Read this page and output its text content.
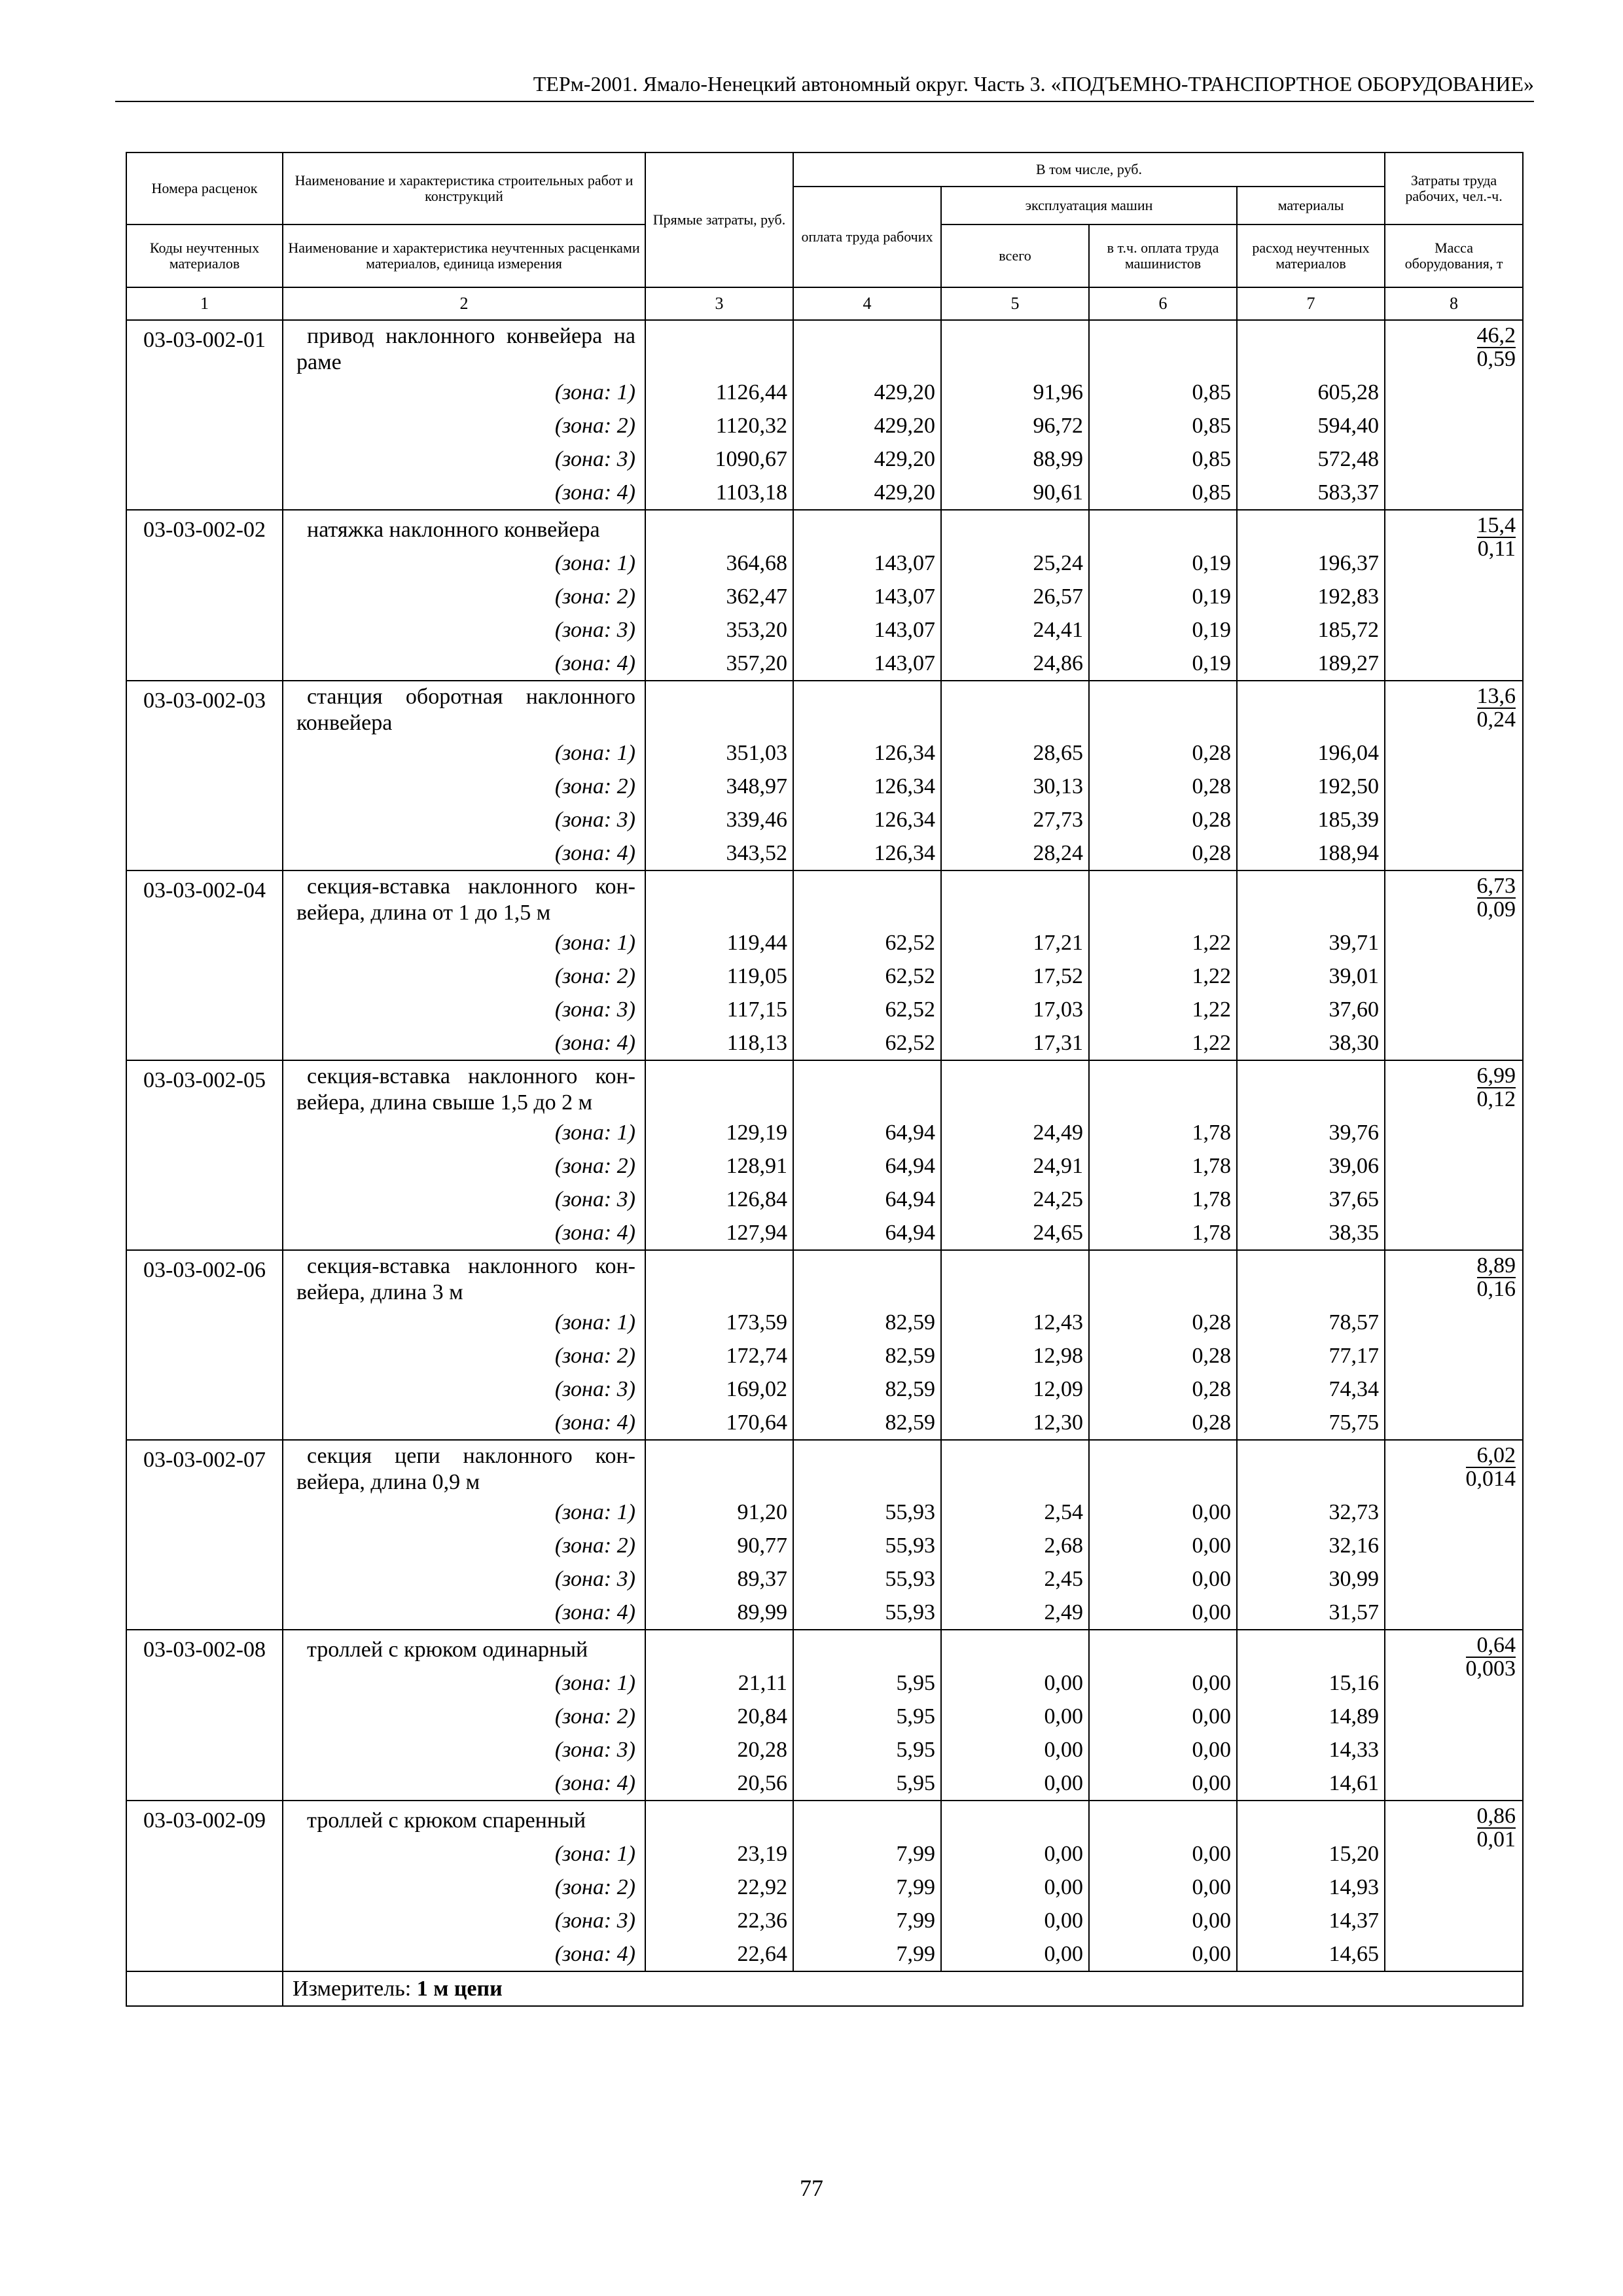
ТЕРм-2001. Ямало-Ненецкий автономный округ. Часть 3. «ПОДЪЕМНО-ТРАНСПОРТНОЕ ОБОРУДОВАНИЕ»
Номера расценок	Наименование и характеристика строительных работ и конструкций	Прямые затраты, руб.	В том числе, руб.				Затраты труда рабочих, чел.-ч.
			оплата труда рабочих	эксплуатация машин		материалы	
Коды неучтенных материалов	Наименование и характеристика неучтенных расценками материалов, единица измерения			всего	в т.ч. оплата труда машинистов	расход неучтенных материалов	Масса оборудования, т
1	2	3	4	5	6	7	8
03-03-002-01	привод наклонного конвейера на раме						$\frac{46,2}{0,59}$

	(зона: 1)	1126,44	429,20	91,96	0,85	605,28	
	(зона: 2)	1120,32	429,20	96,72	0,85	594,40	
	(зона: 3)	1090,67	429,20	88,99	0,85	572,48	
	(зона: 4)	1103,18	429,20	90,61	0,85	583,37	
03-03-002-02	натяжка наклонного конвейера						$\frac{15,4}{0,11}$

	(зона: 1)	364,68	143,07	25,24	0,19	196,37	
	(зона: 2)	362,47	143,07	26,57	0,19	192,83	
	(зона: 3)	353,20	143,07	24,41	0,19	185,72	
	(зона: 4)	357,20	143,07	24,86	0,19	189,27	
03-03-002-03	станция оборотная наклонного конвейера						$\frac{13,6}{0,24}$

	(зона: 1)	351,03	126,34	28,65	0,28	196,04	
	(зона: 2)	348,97	126,34	30,13	0,28	192,50	
	(зона: 3)	339,46	126,34	27,73	0,28	185,39	
	(зона: 4)	343,52	126,34	28,24	0,28	188,94	
03-03-002-04	секция-вставка наклонного кон-вейера, длина от 1 до 1,5 м						$\frac{6,73}{0,09}$

	(зона: 1)	119,44	62,52	17,21	1,22	39,71	
	(зона: 2)	119,05	62,52	17,52	1,22	39,01	
	(зона: 3)	117,15	62,52	17,03	1,22	37,60	
	(зона: 4)	118,13	62,52	17,31	1,22	38,30	
03-03-002-05	секция-вставка наклонного кон-вейера, длина свыше 1,5 до 2 м						$\frac{6,99}{0,12}$

	(зона: 1)	129,19	64,94	24,49	1,78	39,76	
	(зона: 2)	128,91	64,94	24,91	1,78	39,06	
	(зона: 3)	126,84	64,94	24,25	1,78	37,65	
	(зона: 4)	127,94	64,94	24,65	1,78	38,35	
03-03-002-06	секция-вставка наклонного кон-вейера, длина 3 м						$\frac{8,89}{0,16}$

	(зона: 1)	173,59	82,59	12,43	0,28	78,57	
	(зона: 2)	172,74	82,59	12,98	0,28	77,17	
	(зона: 3)	169,02	82,59	12,09	0,28	74,34	
	(зона: 4)	170,64	82,59	12,30	0,28	75,75	
03-03-002-07	секция цепи наклонного кон-вейера, длина 0,9 м						$\frac{6,02}{0,014}$

	(зона: 1)	91,20	55,93	2,54	0,00	32,73	
	(зона: 2)	90,77	55,93	2,68	0,00	32,16	
	(зона: 3)	89,37	55,93	2,45	0,00	30,99	
	(зона: 4)	89,99	55,93	2,49	0,00	31,57	
03-03-002-08	троллей с крюком одинарный						$\frac{0,64}{0,003}$

	(зона: 1)	21,11	5,95	0,00	0,00	15,16	
	(зона: 2)	20,84	5,95	0,00	0,00	14,89	
	(зона: 3)	20,28	5,95	0,00	0,00	14,33	
	(зона: 4)	20,56	5,95	0,00	0,00	14,61	
03-03-002-09	троллей с крюком спаренный						$\frac{0,86}{0,01}$

	(зона: 1)	23,19	7,99	0,00	0,00	15,20	
	(зона: 2)	22,92	7,99	0,00	0,00	14,93	
	(зона: 3)	22,36	7,99	0,00	0,00	14,37	
	(зона: 4)	22,64	7,99	0,00	0,00	14,65	
	Измеритель: 1 м цепи						
77
